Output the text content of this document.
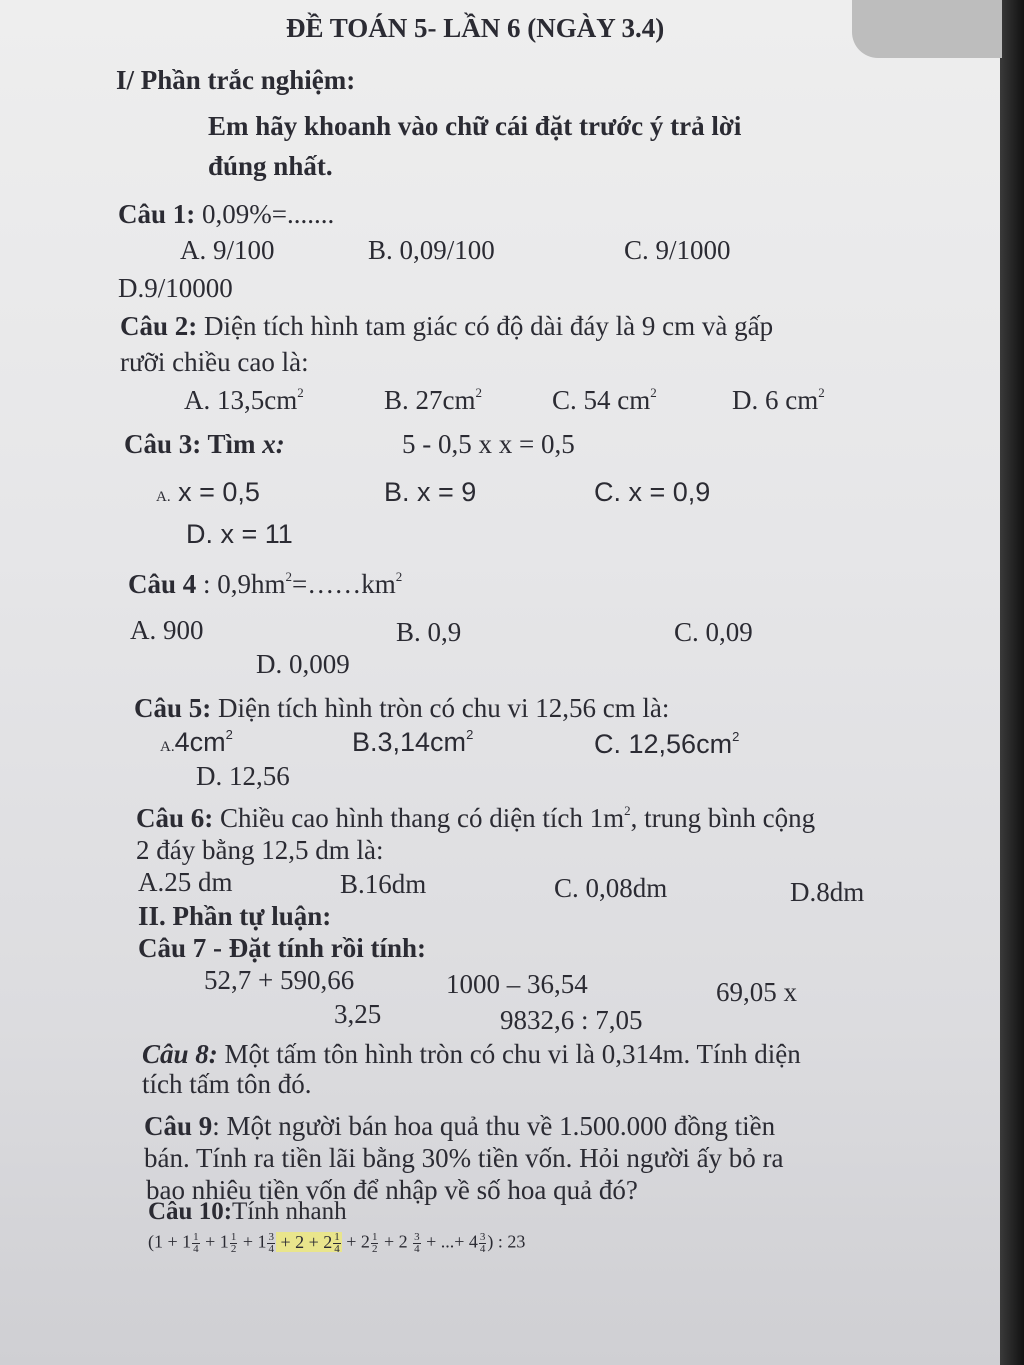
ĐỀ TOÁN 5- LẦN 6 (NGÀY 3.4)
I/ Phần trắc nghiệm:
Em hãy khoanh vào chữ cái đặt trước ý trả lời
đúng nhất.
Câu 1: 0,09%=.......
A. 9/100	B. 0,09/100	C. 9/1000
D.9/10000
Câu 2: Diện tích hình tam giác có độ dài đáy là 9 cm và gấp
rưỡi chiều cao là:
A. $13,5cm^2$	B. $27cm^2$	C. 54 $cm^2$	D. 6 $cm^2$
Câu 3: Tìm x:	5 - 0,5 x x = 0,5
A. x = 0,5	B. x = 9	C. x = 0,9
D. x = 11
Câu 4 : $0,9hm^2=\dots\dots km^2$
A. 900	B. 0,9	C. 0,09
D. 0,009
Câu 5: Diện tích hình tròn có chu vi 12,56 cm là:
$A.4cm^2$	$B.3,14cm^2$	C. $12,56cm^2$
D. 12,56
Câu 6: Chiều cao hình thang có diện tích $1m^2$, trung bình cộng
2 đáy bằng 12,5 dm là:
A.25 dm	B.16dm	C. 0,08dm	D.8dm
II. Phần tự luận:
Câu 7 - Đặt tính rồi tính:
52,7 + 590,66	1000 – 36,54	69,05 x
3,25	9832,6 : 7,05
Câu 8: Một tấm tôn hình tròn có chu vi là 0,314m. Tính diện
tích tấm tôn đó.
Câu 9: Một người bán hoa quả thu về 1.500.000 đồng tiền
bán. Tính ra tiền lãi bằng 30% tiền vốn. Hỏi người ấy bỏ ra
bao nhiêu tiền vốn để nhập về số hoa quả đó?
Câu 10:Tính nhanh
($1 + 1 \frac{1}{4} + 1 \frac{1}{2} + 1 \frac{3}{4} + 2 + 2 \frac{1}{4} + 2 \frac{1}{2} + 2 \frac{3}{4}$ + ...+ $4 \frac{3}{4}$ ) : 23
